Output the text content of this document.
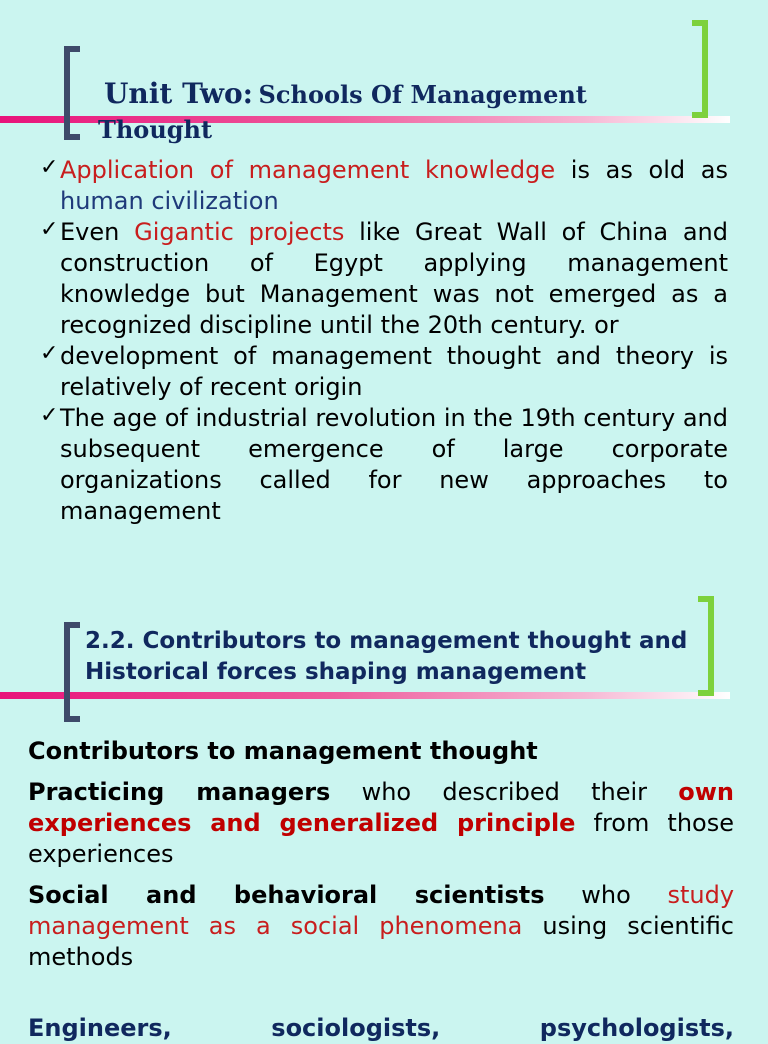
Unit Two: Schools Of Management Thought
✓ Application of management knowledge is as old as human civilization
✓ Even Gigantic projects like Great Wall of China and construction of Egypt applying management knowledge but Management was not emerged as a recognized discipline until the 20th century. or
✓ development of management thought and theory is relatively of recent origin
✓ The age of industrial revolution in the 19th century and subsequent emergence of large corporate organizations called for new approaches to management
2.2. Contributors to management thought and Historical forces shaping management

Contributors to management thought

Practicing managers who described their own experiences and generalized principle from those experiences

Social and behavioral scientists who study management as a social phenomena using scientific methods

Engineers, sociologists, psychologists,
